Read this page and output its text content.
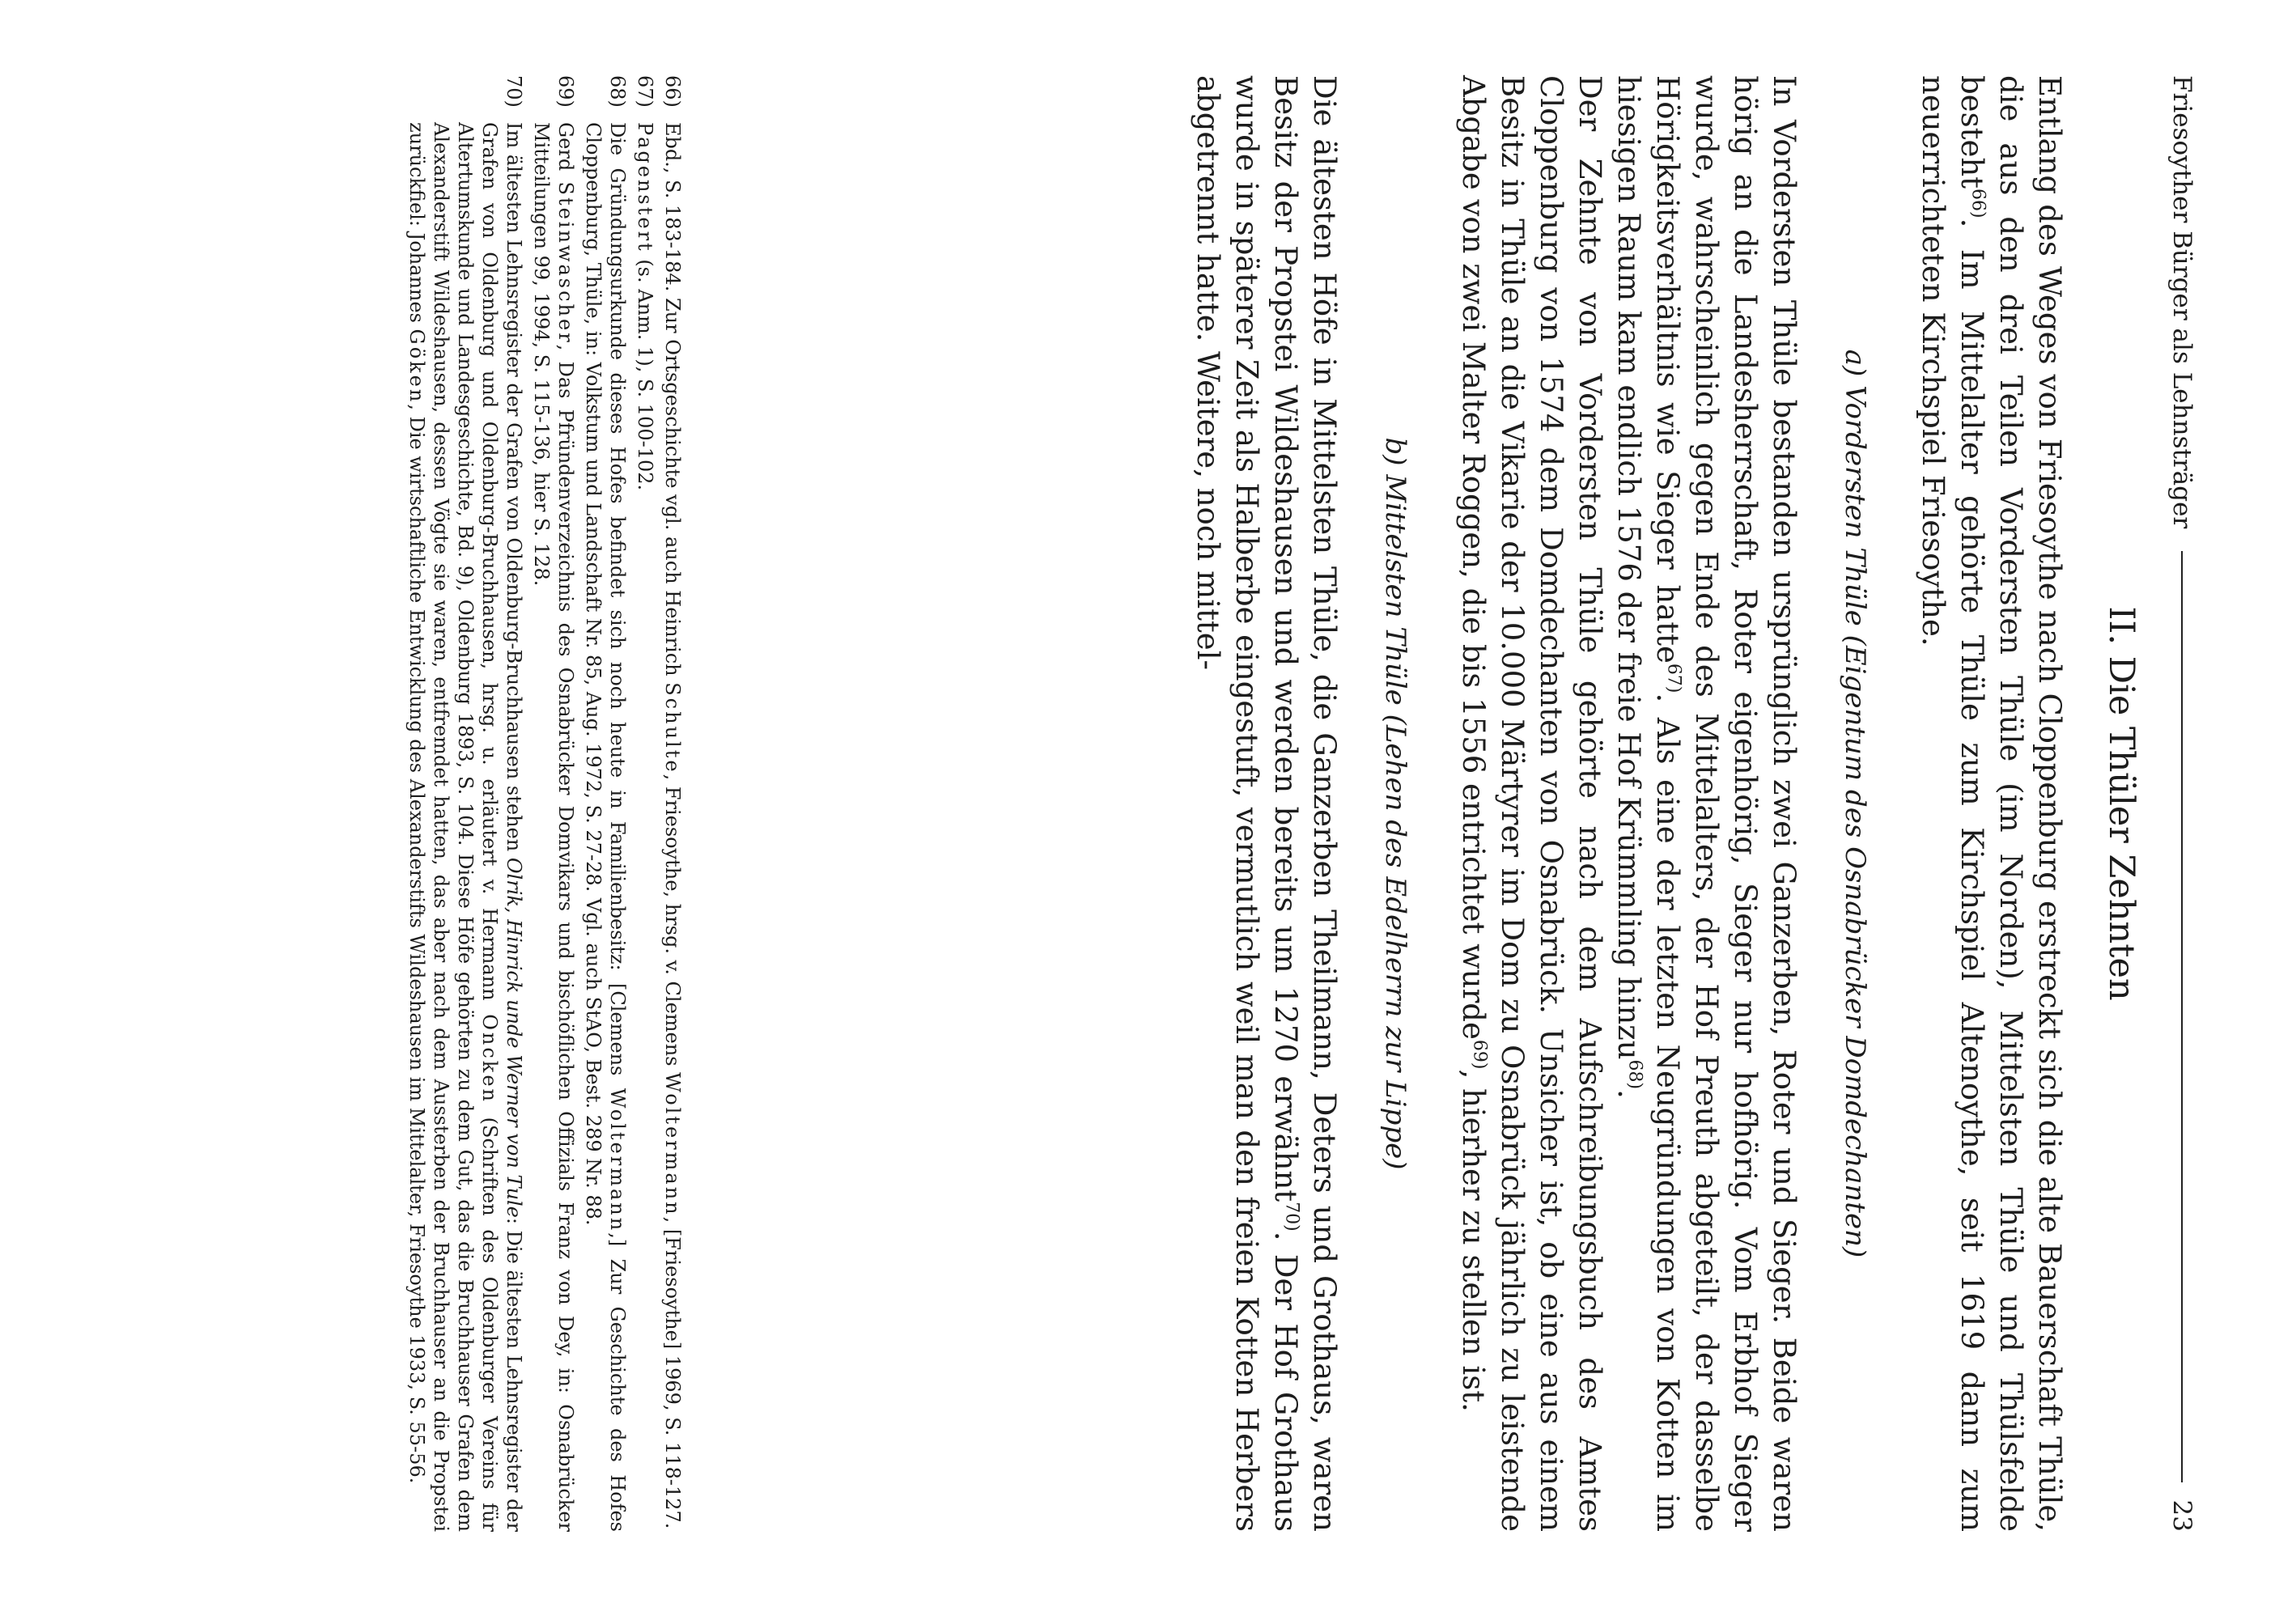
Friesoyther Bürger als Lehnsträger
23
II. Die Thüler Zehnten

Entlang des Weges von Friesoythe nach Cloppenburg erstreckt sich die alte Bauerschaft Thüle, die aus den drei Teilen Vordersten Thüle (im Norden), Mittelsten Thüle und Thülsfelde besteht$^{66)}$. Im Mittelalter gehörte Thüle zum Kirchspiel Altenoythe, seit 1619 dann zum neuerrichteten Kirchspiel Friesoythe.

a) Vordersten Thüle (Eigentum des Osnabrücker Domdechanten)

In Vordersten Thüle bestanden ursprünglich zwei Ganzerben, Roter und Sieger. Beide waren hörig an die Landesherrschaft, Roter eigenhörig, Sieger nur hofhörig. Vom Erbhof Sieger wurde, wahrscheinlich gegen Ende des Mittelalters, der Hof Preuth abgeteilt, der dasselbe Hörigkeitsverhältnis wie Sieger hatte$^{67)}$. Als eine der letzten Neugründungen von Kotten im hiesigen Raum kam endlich 1576 der freie Hof Krümmling hinzu$^{68)}$.

Der Zehnte von Vordersten Thüle gehörte nach dem Aufschreibungsbuch des Amtes Cloppenburg von 1574 dem Domdechanten von Osnabrück. Unsicher ist, ob eine aus einem Besitz in Thüle an die Vikarie der 10.000 Märtyrer im Dom zu Osnabrück jährlich zu leistende Abgabe von zwei Malter Roggen, die bis 1556 entrichtet wurde$^{69)}$, hierher zu stellen ist.

b) Mittelsten Thüle (Lehen des Edelherrn zur Lippe)

Die ältesten Höfe in Mittelsten Thüle, die Ganzerben Theilmann, Deters und Grothaus, waren Besitz der Propstei Wildeshausen und werden bereits um 1270 erwähnt$^{70)}$. Der Hof Grothaus wurde in späterer Zeit als Halberbe eingestuft, vermutlich weil man den freien Kotten Herbers abgetrennt hatte. Weitere, noch mittel-

66)
Ebd., S. 183-184. Zur Ortsgeschichte vgl. auch Heinrich Schulte, Friesoythe, hrsg. v. Clemens Woltermann, [Friesoythe] 1969, S. 118-127.
67)
Pagenstert (s. Anm. 1), S. 100-102.
68)
Die Gründungsurkunde dieses Hofes befindet sich noch heute in Familienbesitz: [Clemens Woltermann,] Zur Geschichte des Hofes Cloppenburg, Thüle, in: Volkstum und Landschaft Nr. 85, Aug. 1972, S. 27-28. Vgl. auch StAO, Best. 289 Nr. 88.
69)
Gerd Steinwascher, Das Pfründenverzeichnis des Osnabrücker Domvikars und bischöflichen Offizials Franz von Dey, in: Osnabrücker Mitteilungen 99, 1994, S. 115-136, hier S. 128.
70)
Im ältesten Lehnsregister der Grafen von Oldenburg-Bruchhausen stehen Olrik, Hinrick unde Werner von Tule: Die ältesten Lehnsregister der Grafen von Oldenburg und Oldenburg-Bruchhausen, hrsg. u. erläutert v. Hermann Oncken (Schriften des Oldenburger Vereins für Altertumskunde und Landesgeschichte, Bd. 9), Oldenburg 1893, S. 104. Diese Höfe gehörten zu dem Gut, das die Bruchhauser Grafen dem Alexanderstift Wildeshausen, dessen Vögte sie waren, entfremdet hatten, das aber nach dem Aussterben der Bruchhauser an die Propstei zurückfiel: Johannes Göken, Die wirtschaftliche Entwicklung des Alexanderstifts Wildeshausen im Mittelalter, Friesoythe 1933, S. 55-56.
